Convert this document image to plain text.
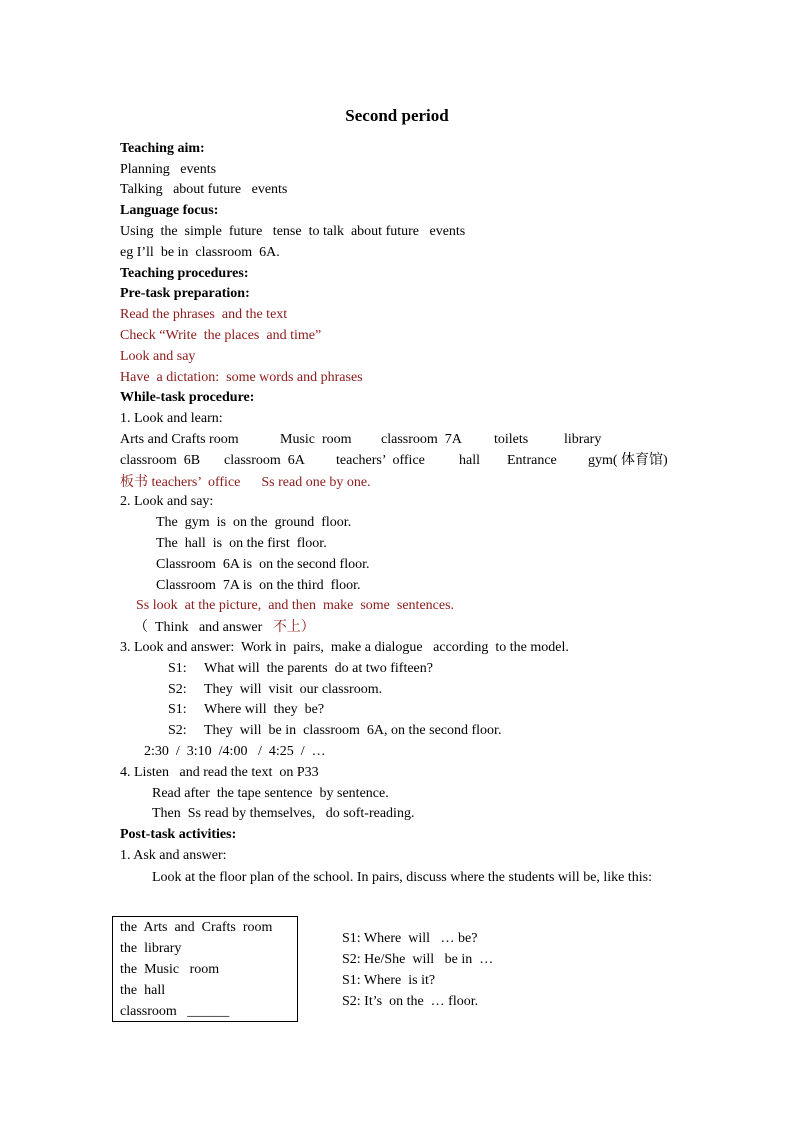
Second period
Teaching aim:
Planning   events
Talking   about future   events
Language focus:
Using  the  simple  future   tense  to talk  about future   events
eg I’ll  be in  classroom  6A.
Teaching procedures:
Pre-task preparation:
Read the phrases  and the text
Check “Write  the places  and time”
Look and say
Have  a dictation:  some words and phrases
While-task procedure:
1. Look and learn:

Arts and Crafts room

	Music  room

classroom  7A

toilets

	library

classroom  6B

classroom  6A

teachers’  office

hall

Entrance

gym( 体育馆)

板书 teachers’  office      Ss read one by one.
2. Look and say:
The  gym  is  on the  ground  floor.
The  hall  is  on the first  floor.
Classroom  6A is  on the second floor.
Classroom  7A is  on the third  floor.
Ss look  at the picture,  and then  make  some  sentences.
（  Think   and answer   不上）
3. Look and answer:  Work in  pairs,  make a dialogue   according  to the model.
S1: What will  the parents  do at two fifteen?
S2: They  will  visit  our classroom.
S1: Where will  they  be?
S2: They  will  be in  classroom  6A, on the second floor.
2:30  /  3:10  /4:00   /  4:25  /  …
4. Listen   and read the text  on P33
Read after  the tape sentence  by sentence.
Then  Ss read by themselves,   do soft-reading.
Post-task activities:
1. Ask and answer:
Look at the floor plan of the school. In pairs, discuss where the students will be, like this:
the  Arts  and  Crafts  room
the  library
the  Music   room
the  hall
classroom   ______
S1: Where  will   … be?
S2: He/She  will   be in  …
S1: Where  is it?
S2: It’s  on the  … floor.
